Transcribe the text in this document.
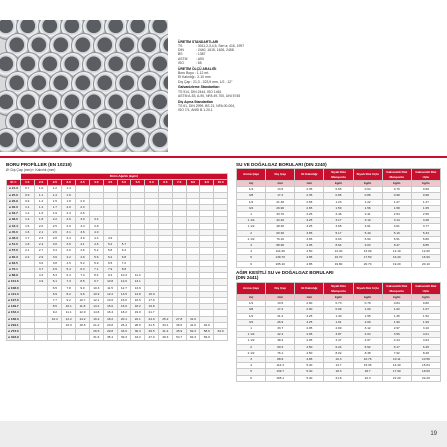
ÜRETİM STANDARTLARI
TS	: 3011,2,3,4,5, Seri a; 416, 1997
DIN	: 2440, 1615, 1626, 2458
BS	: 1387
ASTM	: A53
ISO	: 65
ÜRETİM ÖLÇÜ ARALIĞI
Boru Boyu : 1-12 mt.
Et Kalınlığı : 2-10 mm
Dış Çap : 21,3 - 323,9 mm, 1/2 - 12"
Galvanizleme Standartları
TS 914, DIN 2444, ISO 1461
ASTM A-53, A-90, NFA 49-700, UNI 5745
Diş Açma Standartları
TS 61, DIN 2999, BS 21, NFA 00-004,
ISO 7/1, ANSI B.1.20.1
BORU PROFİLLER (EN 10219)
Ø: Dış Çap (mm) t: Kalınlık (mm)
	Birim Ağırlık (kg/m)														
Ø / t	1.5	2.0	2.5	3.0	3.5	4.0	4.5	5.0	5.5	6.0	6.5	7.0	8.0	9.0	10.0
ø 21.3	0.7	1.0	1.2	1.4											
ø 25.0	0.9	1.1	1.4	1.6											
ø 26.9	0.9	1.2	1.5	1.8	2.0										
ø 30.0	1.1	1.4	1.7	2.0	2.3										
ø 33.7	1.2	1.6	1.9	2.3	2.6										
ø 38.0	1.4	1.8	2.2	2.6	3.0	3.4									
ø 42.4	1.5	2.0	2.5	2.9	3.4	3.8									
ø 45.0	1.6	2.1	2.6	3.1	3.6	4.0									
ø 48.3	1.7	2.3	2.8	3.4	3.9	4.4	4.9								
ø 51.0	1.8	2.4	3.0	3.6	4.1	4.6	5.2	5.7							
ø 57.0	2.1	2.7	3.4	4.0	4.6	5.2	5.8	6.4							
ø 60.3	2.2	2.9	3.6	4.2	4.9	5.6	6.2	6.8							
ø 63.5		3.0	3.8	4.5	5.2	5.9	6.5	7.2							
ø 76.1		3.7	4.5	5.4	6.3	7.1	7.9	8.8							
ø 88.9		4.3	5.3	6.4	7.4	8.4	9.4	10.3	11.3						
ø 101.6		4.9	6.1	7.3	8.5	9.7	10.8	12.0	13.1						
ø 108.0			6.5	7.8	9.0	10.3	11.5	12.7	13.9						
ø 114.3			6.9	8.2	9.6	10.9	12.2	13.5	14.8	16.0					
ø 127.0			7.7	9.2	10.7	12.1	13.6	15.0	16.5	17.9					
ø 139.7			8.5	10.1	11.8	13.4	15.0	16.6	18.2	19.8					
ø 152.4			9.2	11.1	12.9	14.6	16.4	18.2	19.9	21.7					
ø 168.3			10.2	12.2	14.2	16.2	18.2	20.1	22.1	24.0	25.2	27.8	31.6		
ø 219.1				16.0	18.6	21.2	23.8	26.4	28.9	31.5	33.1	36.6	41.6	46.6	
ø 273.0						26.5	29.8	33.0	36.3	39.5	41.4	45.9	52.3	58.6	64.9
ø 323.9						31.6	35.4	39.3	43.2	47.0	49.3	54.7	62.3	69.9	
SU VE DOĞALGAZ BORULARI (DIN 2240)
Anma Çapı	Dış Çap	Et Kalınlığı	Siyah Düz Manşonlu	Siyah Düz Uçlu	Galvanizli Düz Manşonlu	Galvanizli Düz Uçlu
inç	mm	mm	kg/m	kg/m	kg/m	kg/m
1/4	13.5	2.35	0.65	0.64	0.70	0.69
3/8	17.2	2.35	0.86	0.86	0.98	0.98
1/2	21.30	2.65	1.23	1.22	1.27	1.27
3/4	26.90	2.65	1.59	1.56	1.58	1.65
1	33.70	3.25	2.46	2.41	2.54	2.55
1 1/4	42.40	3.25	3.17	3.10	3.14	3.28
1 1/2	48.30	3.25	3.65	3.61	3.61	3.77
2	60.30	3.65	5.17	5.40	5.10	5.33
2 1/2	76.10	3.65	6.63	6.93	6.51	6.80
3	88.90	4.05	8.64	9.03	8.47	8.85
4	114.30	4.50	12.40	13.09	12.10	12.60
5	139.70	4.85	16.70	17.50	16.20	16.90
6	165.10	4.85	19.80	20.70	19.20	20.10
AĞIR KESİTLİ SU ve DOĞALGAZ BORULARI
(DIN 2441)
Anma Çapı	Dış Çap	Et Kalınlığı	Siyah Düz Manşonlu	Siyah Düz Uçlu	Galvanizli Düz Manşonlu	Galvanizli Düz Uçlu
inç	mm	mm	kg/m	kg/m	kg/m	kg/m
1/4	13.5	2.90	0.73	0.78	0.84	0.80
3/8	17.2	2.90	0.99	1.00	1.02	1.07
1/2	21.3	3.25	1.40	1.55	1.45	1.52
3/4	26.9	3.25	1.91	2.00	1.90	1.99
1	33.7	4.05	2.99	3.12	2.97	3.10
1 1/4	42.4	4.05	3.87	4.04	3.56	4.01
1 1/2	48.3	4.05	4.47	4.67	4.44	4.63
2	60.3	4.50	6.24	6.52	6.17	6.45
2 1/2	76.1	4.50	8.02	8.38	7.92	8.28
3	88.9	4.85	10.3	10.76	10.11	10.56
4	114.3	5.40	14.7	15.36	14.40	15.04
5	139.7	5.40	18.3	18.7	17.90	18.60
6	165.1	5.40	21.8	22.3	21.20	22.20
19
